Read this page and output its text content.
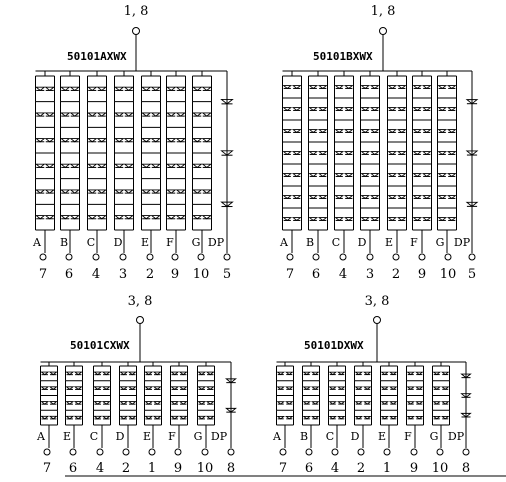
1, 8
50101AXWX
A B C D E F G DP
7 6 4 3 2 9 10 5
1, 8
50101BXWX
A B C D E F G DP
7 6 4 3 2 9 10 5
3, 8
50101CXWX
A E C D E F G DP
7 6 4 2 1 9 10 8
3, 8
50101DXWX
A B C D E F G DP
7 6 4 2 1 9 10 8
